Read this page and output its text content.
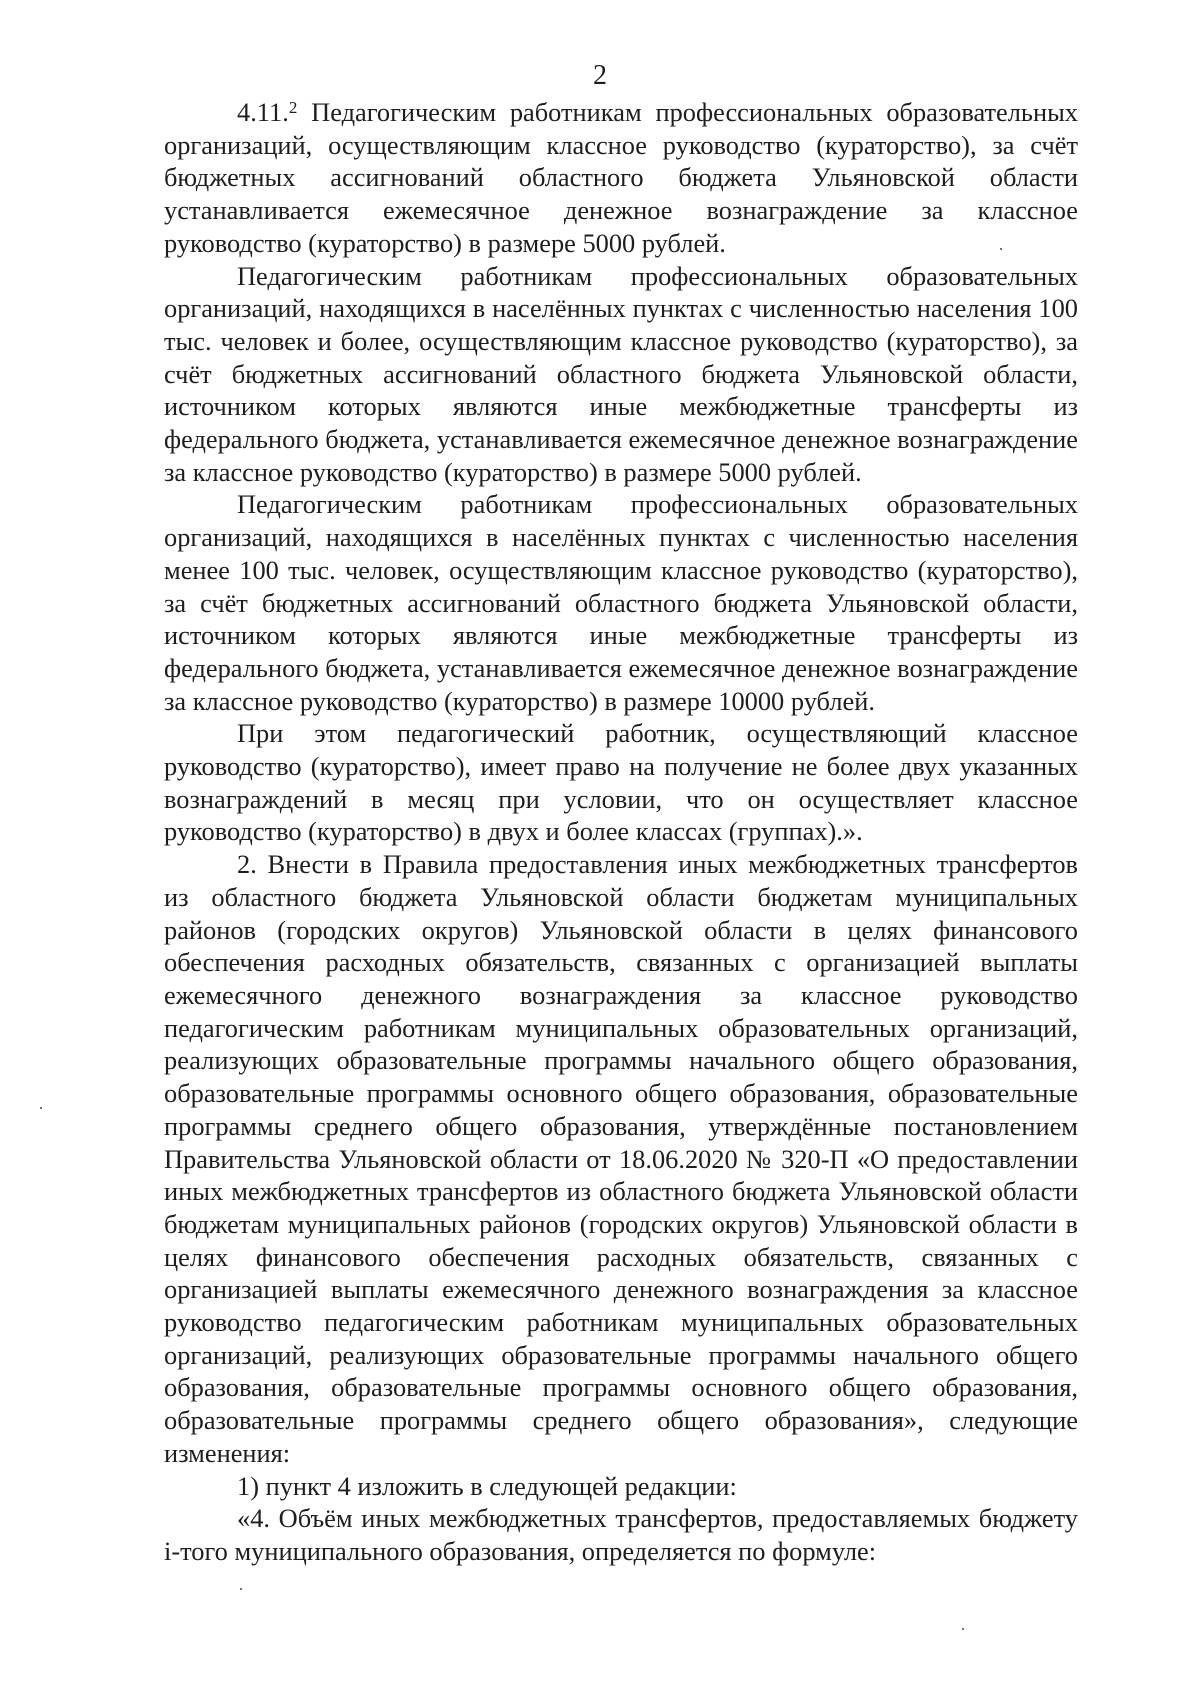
2

4.11.$^2$ Педагогическим работникам профессиональных образовательных организаций, осуществляющим классное руководство (кураторство), за счёт бюджетных ассигнований областного бюджета Ульяновской области устанавливается ежемесячное денежное вознаграждение за классное руководство (кураторство) в размере 5000 рублей.

Педагогическим работникам профессиональных образовательных организаций, находящихся в населённых пунктах с численностью населения 100 тыс. человек и более, осуществляющим классное руководство (кураторство), за счёт бюджетных ассигнований областного бюджета Ульяновской области, источником которых являются иные межбюджетные трансферты из федерального бюджета, устанавливается ежемесячное денежное вознаграждение за классное руководство (кураторство) в размере 5000 рублей.

Педагогическим работникам профессиональных образовательных организаций, находящихся в населённых пунктах с численностью населения менее 100 тыс. человек, осуществляющим классное руководство (кураторство), за счёт бюджетных ассигнований областного бюджета Ульяновской области, источником которых являются иные межбюджетные трансферты из федерального бюджета, устанавливается ежемесячное денежное вознаграждение за классное руководство (кураторство) в размере 10000 рублей.

При этом педагогический работник, осуществляющий классное руководство (кураторство), имеет право на получение не более двух указанных вознаграждений в месяц при условии, что он осуществляет классное руководство (кураторство) в двух и более классах (группах).».

2. Внести в Правила предоставления иных межбюджетных трансфертов из областного бюджета Ульяновской области бюджетам муниципальных районов (городских округов) Ульяновской области в целях финансового обеспечения расходных обязательств, связанных с организацией выплаты ежемесячного денежного вознаграждения за классное руководство педагогическим работникам муниципальных образовательных организаций, реализующих образовательные программы начального общего образования, образовательные программы основного общего образования, образовательные программы среднего общего образования, утверждённые постановлением Правительства Ульяновской области от 18.06.2020 № 320-П «О предоставлении иных межбюджетных трансфертов из областного бюджета Ульяновской области бюджетам муниципальных районов (городских округов) Ульяновской области в целях финансового обеспечения расходных обязательств, связанных с организацией выплаты ежемесячного денежного вознаграждения за классное руководство педагогическим работникам муниципальных образовательных организаций, реализующих образовательные программы начального общего образования, образовательные программы основного общего образования, образовательные программы среднего общего образования», следующие изменения:

1) пункт 4 изложить в следующей редакции:

«4. Объём иных межбюджетных трансфертов, предоставляемых бюджету i-того муниципального образования, определяется по формуле:
